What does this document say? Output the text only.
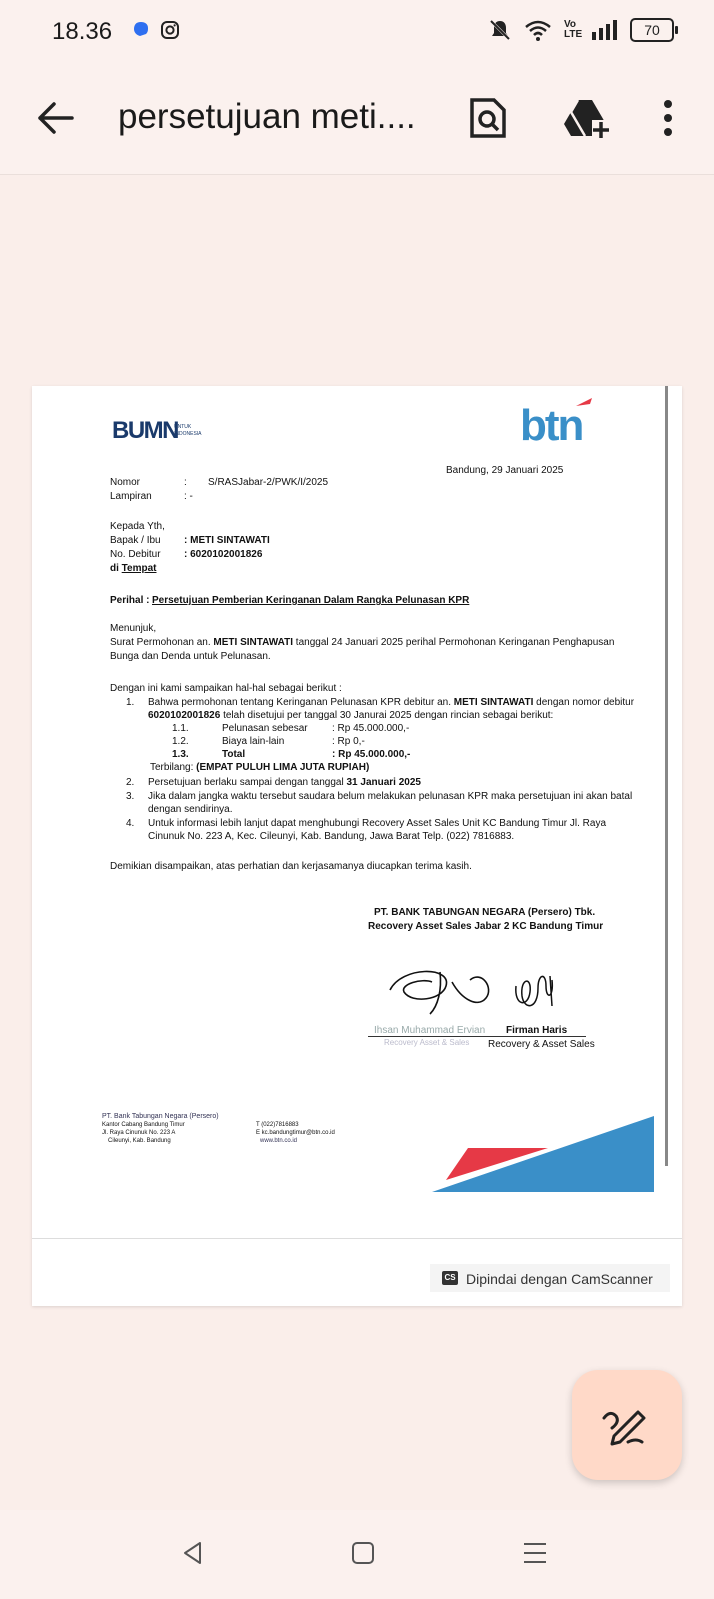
18.36	Vo LTE	70
persetujuan meti....
BUMN
UNTUK
INDONESIA	btn
Bandung, 29 Januari 2025
Nomor	: S/RASJabar-2/PWK/I/2025
Lampiran	: -
Kepada Yth,
Bapak / Ibu : METI SINTAWATI
No. Debitur : 6020102001826
di Tempat
Perihal : Persetujuan Pemberian Keringanan Dalam Rangka Pelunasan KPR
Menunjuk,
Surat Permohonan an. METI SINTAWATI tanggal 24 Januari 2025 perihal Permohonan Keringanan Penghapusan
Bunga dan Denda untuk Pelunasan.
Dengan ini kami sampaikan hal-hal sebagai berikut :
1. Bahwa permohonan tentang Keringanan Pelunasan KPR debitur an. METI SINTAWATI dengan nomor debitur
6020102001826 telah disetujui per tanggal 30 Janurai 2025 dengan rincian sebagai berikut:
1.1.	Pelunasan sebesar : Rp 45.000.000,-
1.2.	Biaya lain-lain	: Rp 0,-
1.3.	Total	: Rp 45.000.000,-
Terbilang: (EMPAT PULUH LIMA JUTA RUPIAH)
2. Persetujuan berlaku sampai dengan tanggal 31 Januari 2025
3. Jika dalam jangka waktu tersebut saudara belum melakukan pelunasan KPR maka persetujuan ini akan batal
dengan sendirinya.
4. Untuk informasi lebih lanjut dapat menghubungi Recovery Asset Sales Unit KC Bandung Timur Jl. Raya
Cinunuk No. 223 A, Kec. Cileunyi, Kab. Bandung, Jawa Barat Telp. (022) 7816883.
Demikian disampaikan, atas perhatian dan kerjasamanya diucapkan terima kasih.
PT. BANK TABUNGAN NEGARA (Persero) Tbk.
Recovery Asset Sales Jabar 2 KC Bandung Timur
Ihsan Muhammad Ervian
Recovery Asset & Sales
Firman Haris
Recovery & Asset Sales
PT. Bank Tabungan Negara (Persero)
Kantor Cabang Bandung Timur
Jl. Raya Cinunuk No. 223 A
Cileunyi, Kab. Bandung
T (022)7816883
E kc.bandungtimur@btn.co.id
www.btn.co.id
CS Dipindai dengan CamScanner
